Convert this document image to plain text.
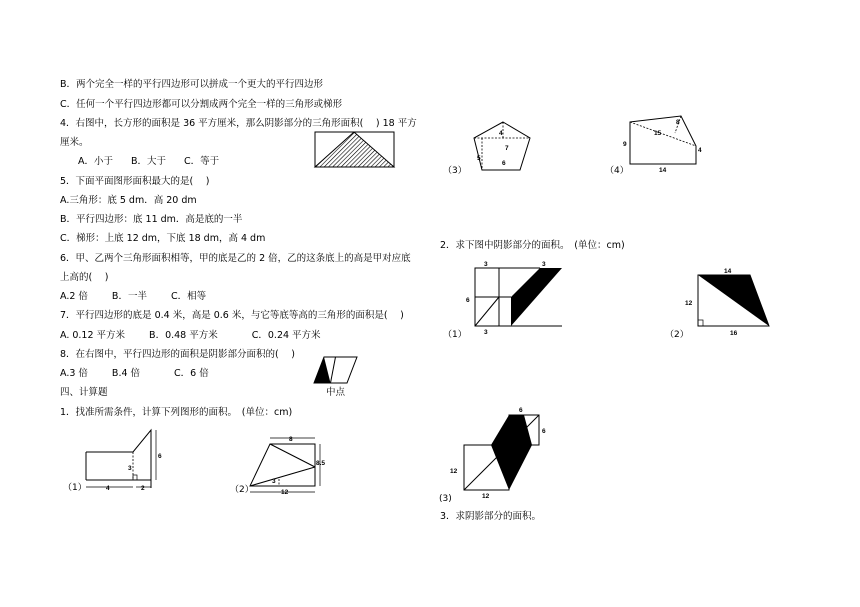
B．两个完全一样的平行四边形可以拼成一个更大的平行四边形
C．任何一个平行四边形都可以分割成两个完全一样的三角形或梯形
4．右图中，长方形的面积是 36 平方厘米，那么阴影部分的三角形面积(　 ) 18 平方
厘米。
A．小于 B．大于 C．等于
5．下面平面图形面积最大的是(　 )
A.三角形：底 5 dm．高 20 dm
B．平行四边形：底 11 dm．高是底的一半
C．梯形：上底 12 dm，下底 18 dm，高 4 dm
6．甲、乙两个三角形面积相等，甲的底是乙的 2 倍，乙的这条底上的高是甲对应底
上高的(　 )
A.2 倍	B．一半	C．相等
7．平行四边形的底是 0.4 米，高是 0.6 米，与它等底等高的三角形的面积是(　 )
A. 0.12 平方米	B．0.48 平方米	C．0.24 平方米
8．在右图中，平行四边形的面积是阴影部分面积的(　 )
A.3 倍	B.4 倍	C．6 倍
四、计算题
1．找准所需条件，计算下列图形的面积。　(单位：cm)
中点
4	2
3
6
（1）
8
8.5
3
12
（2）
4
7
5
6
（3）
8
15
9
4
14
（4）
2．求下图中阴影部分的面积。　(单位：cm)
3	3
6
3
（1）
14
12
16
（2）
6
6
12
12
(3)
3．求阴影部分的面积。
